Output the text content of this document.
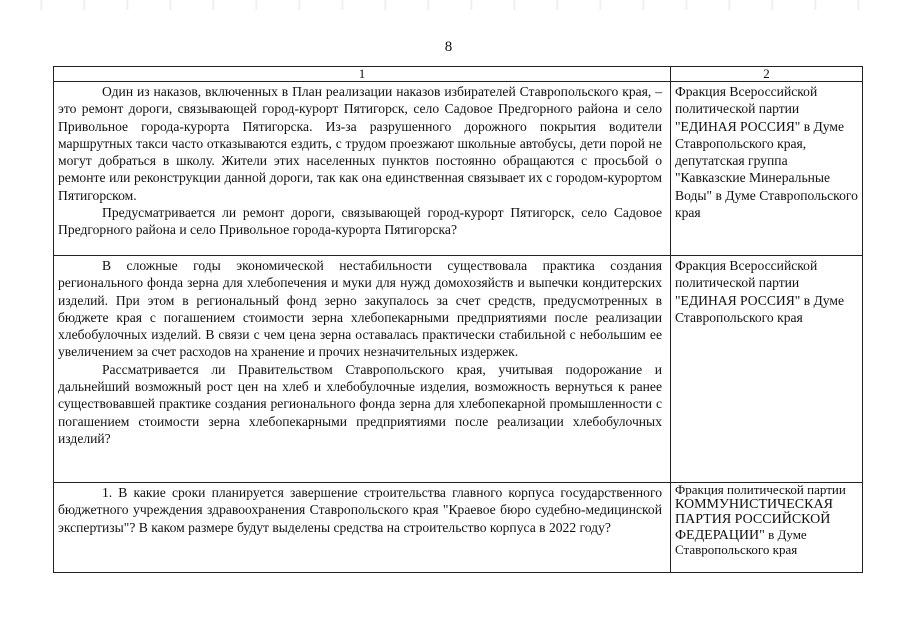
8
1	2

Один из наказов, включенных в План реализации наказов избирателей Ставропольского края, – это ремонт дороги, связывающей город-курорт Пятигорск, село Садовое Предгорного района и село Привольное города-курорта Пятигорска. Из-за разрушенного дорожного покрытия водители маршрутных такси часто отказываются ездить, с трудом проезжают школьные автобусы, дети порой не могут добраться в школу. Жители этих населенных пунктов постоянно обращаются с просьбой о ремонте или реконструкции данной дороги, так как она единственная связывает их с городом-курортом Пятигорском.

Предусматривается ли ремонт дороги, связывающей город-курорт Пятигорск, село Садовое Предгорного района и село Привольное города-курорта Пятигорска?	Фракция Всероссийской политической партии "ЕДИНАЯ РОССИЯ" в Думе Ставропольского края, депутатская группа "Кавказские Минеральные Воды" в Думе Ставропольского края

В сложные годы экономической нестабильности существовала практика создания регионального фонда зерна для хлебопечения и муки для нужд домохозяйств и выпечки кондитерских изделий. При этом в региональный фонд зерно закупалось за счет средств, предусмотренных в бюджете края с погашением стоимости зерна хлебопекарными предприятиями после реализации хлебобулочных изделий. В связи с чем цена зерна оставалась практически стабильной с небольшим ее увеличением за счет расходов на хранение и прочих незначительных издержек.

Рассматривается ли Правительством Ставропольского края, учитывая подорожание и дальнейший возможный рост цен на хлеб и хлебобулочные изделия, возможность вернуться к ранее существовавшей практике создания регионального фонда зерна для хлебопекарной промышленности с погашением стоимости зерна хлебопекарными предприятиями после реализации хлебобулочных изделий?	Фракция Всероссийской политической партии "ЕДИНАЯ РОССИЯ" в Думе Ставропольского края

1. В какие сроки планируется завершение строительства главного корпуса государственного бюджетного учреждения здравоохранения Ставропольского края "Краевое бюро судебно-медицинской экспертизы"? В каком размере будут выделены средства на строительство корпуса в 2022 году?	Фракция политической партии КОММУНИСТИЧЕСКАЯ ПАРТИЯ РОССИЙСКОЙ ФЕДЕРАЦИИ" в Думе Ставропольского края
